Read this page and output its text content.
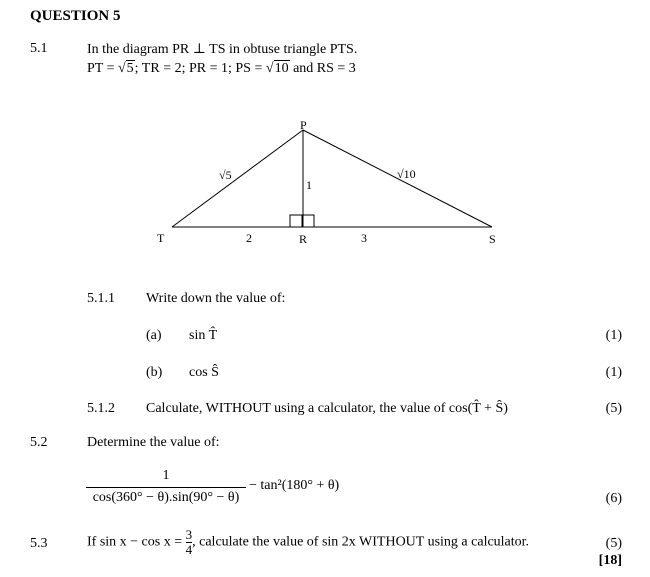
QUESTION 5
5.1	In the diagram PR ⊥ TS in obtuse triangle PTS.
PT = √5; TR = 2; PR = 1; PS = √10 and RS = 3
P
T	R	S
2	3
1
√5	√10
5.1.1 Write down the value of:
(a) sin T̂	(1)
(b) cos Ŝ	(1)
5.1.2 Calculate, WITHOUT using a calculator, the value of cos(T̂ + Ŝ)	(5)
5.2	Determine the value of:
1
cos(360° − θ).sin(90° − θ)
− tan²(180° + θ)
(6)
5.3	If $\sin x - \cos x = \frac{3}{4}$ , calculate the value of sin 2x WITHOUT using a calculator.	(5)
[18]
